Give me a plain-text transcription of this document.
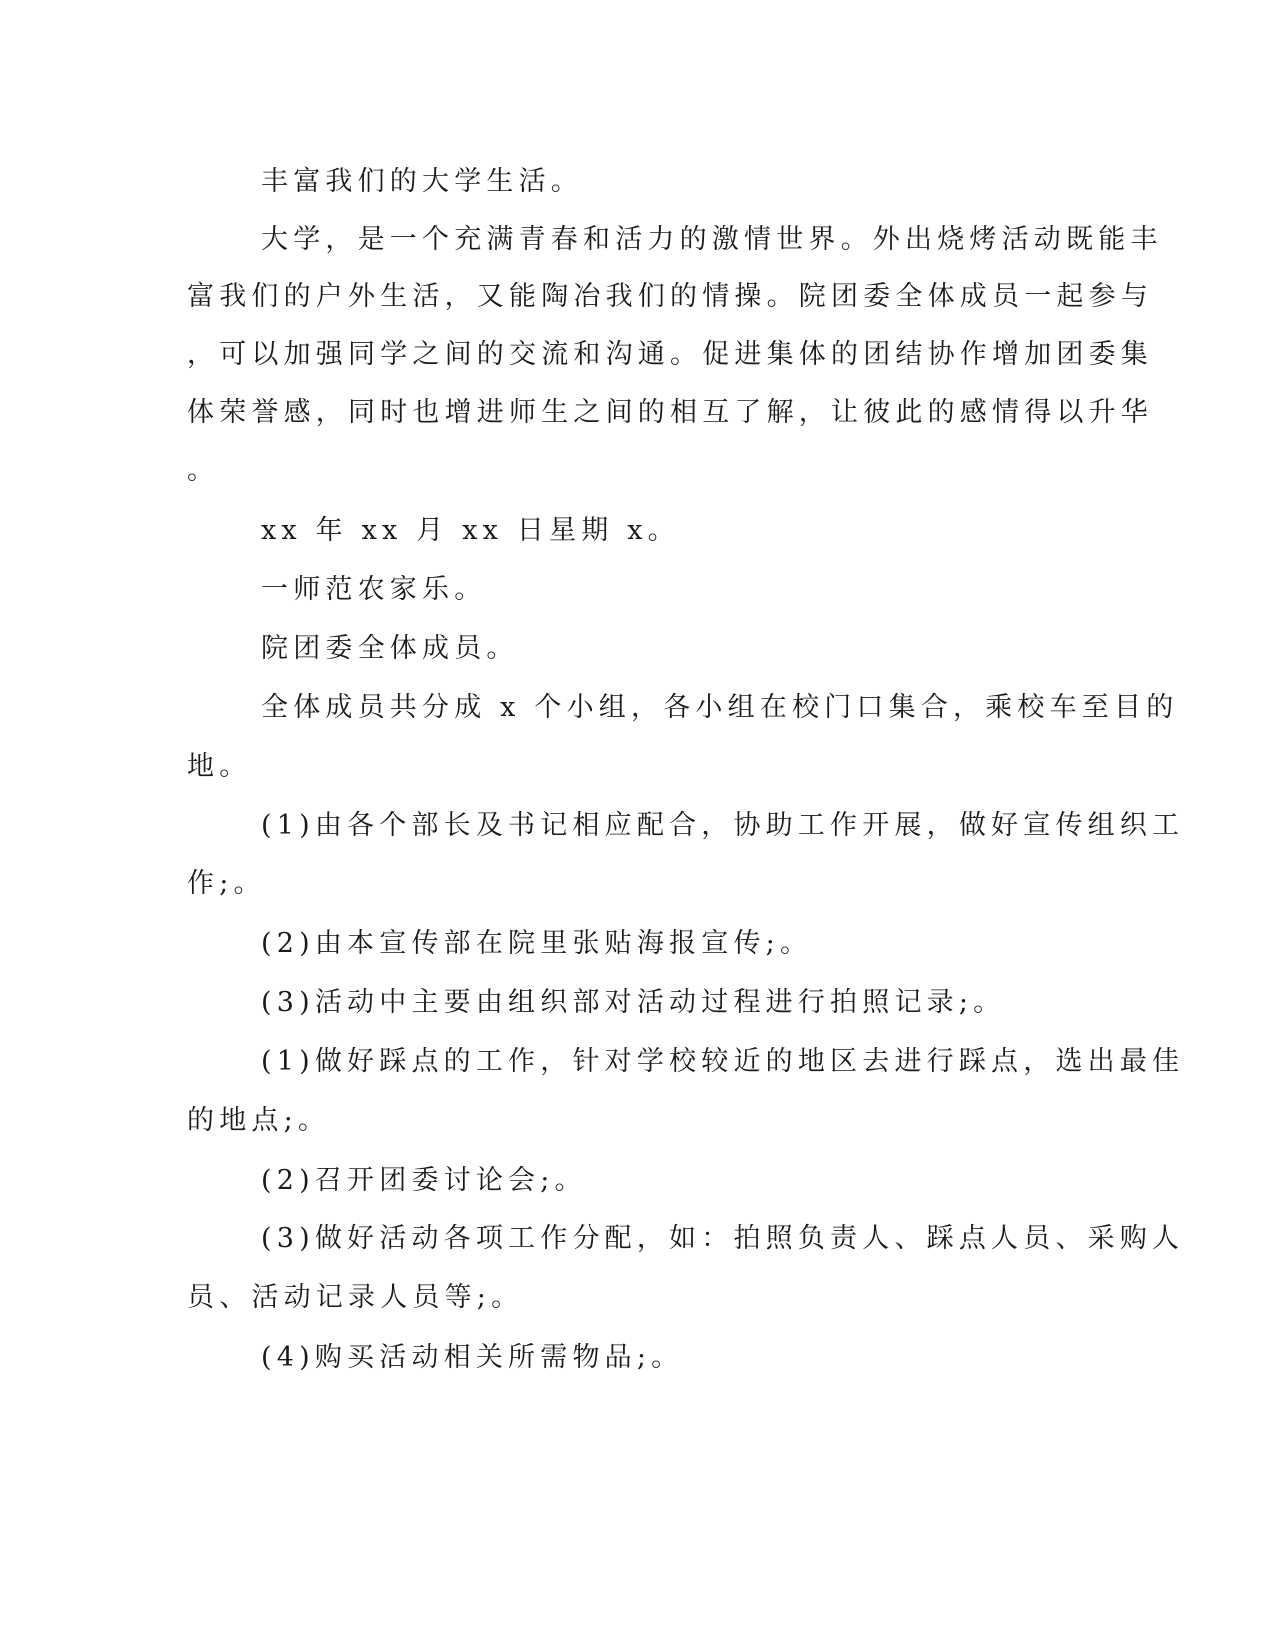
丰富我们的大学生活。

大学，是一个充满青春和活力的激情世界。外出烧烤活动既能丰

富我们的户外生活，又能陶冶我们的情操。院团委全体成员一起参与

，可以加强同学之间的交流和沟通。促进集体的团结协作增加团委集

体荣誉感，同时也增进师生之间的相互了解，让彼此的感情得以升华

。

xx 年 xx 月 xx 日星期 x。

一师范农家乐。

院团委全体成员。

全体成员共分成 x 个小组，各小组在校门口集合，乘校车至目的

地。

(1)由各个部长及书记相应配合，协助工作开展，做好宣传组织工

作;。

(2)由本宣传部在院里张贴海报宣传;。

(3)活动中主要由组织部对活动过程进行拍照记录;。

(1)做好踩点的工作，针对学校较近的地区去进行踩点，选出最佳

的地点;。

(2)召开团委讨论会;。

(3)做好活动各项工作分配，如：拍照负责人、踩点人员、采购人

员、活动记录人员等;。

(4)购买活动相关所需物品;。
